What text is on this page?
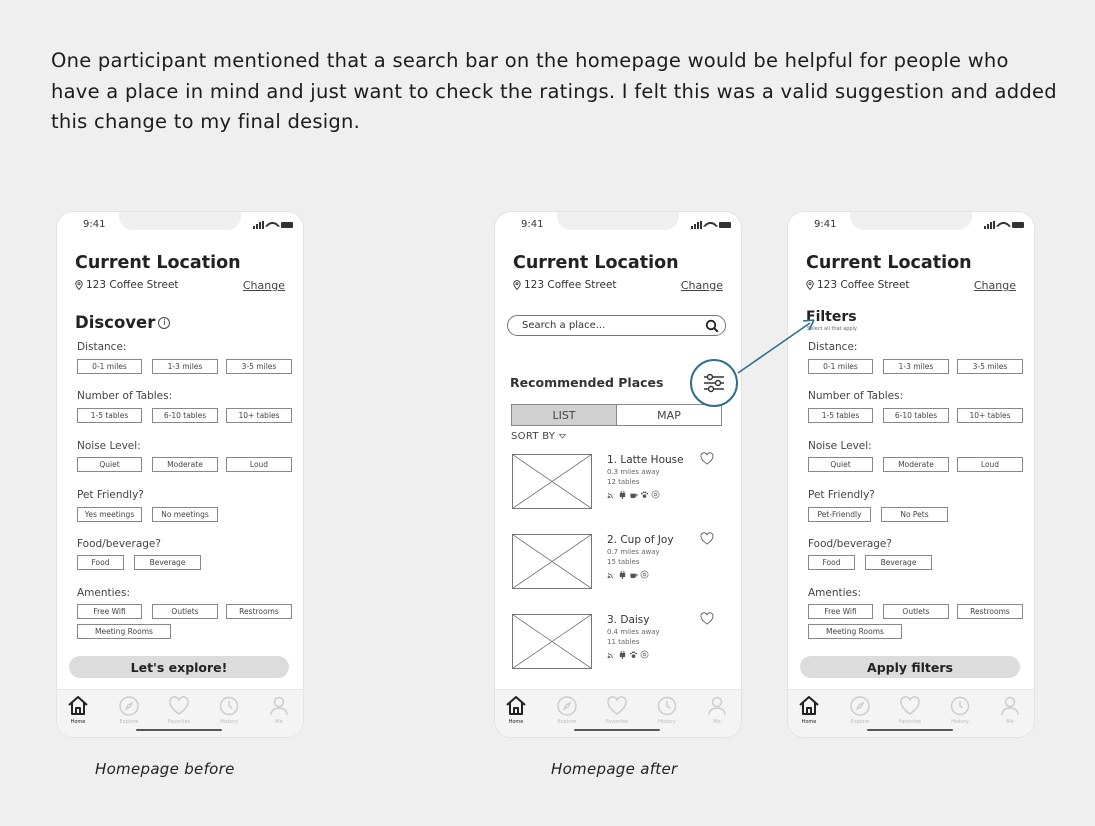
One participant mentioned that a search bar on the homepage would be helpful for people who have a place in mind and just want to check the ratings. I felt this was a valid suggestion and added this change to my final design.

9:41
Current Location
123 Coffee Street	Change
Discover i
Distance:
0-1 miles	1-3 miles	3-5 miles
Number of Tables:
1-5 tables	6-10 tables	10+ tables
Noise Level:
Quiet	Moderate	Loud
Pet Friendly?
Yes meetings	No meetings
Food/beverage?
Food	Beverage
Amenties:
Free Wifi	Outlets	Restrooms
Meeting Rooms
Let's explore!
Home	Explore	Favorites	History	Me
9:41
Current Location
123 Coffee Street	Change
Search a place...
Recommended Places
LIST	MAP
SORT BY
1. Latte House
0.3 miles away
12 tables
2. Cup of Joy
0.7 miles away
15 tables
3. Daisy
0.4 miles away
11 tables
Home	Explore	Favorites	History	Me
9:41
Current Location
123 Coffee Street	Change
Filters
Select all that apply
Distance:
0-1 miles	1-3 miles	3-5 miles
Number of Tables:
1-5 tables	6-10 tables	10+ tables
Noise Level:
Quiet	Moderate	Loud
Pet Friendly?
Pet-Friendly	No Pets
Food/beverage?
Food	Beverage
Amenties:
Free Wifi	Outlets	Restrooms
Meeting Rooms
Apply filters
Home	Explore	Favorites	History	Me
Homepage before	Homepage after
